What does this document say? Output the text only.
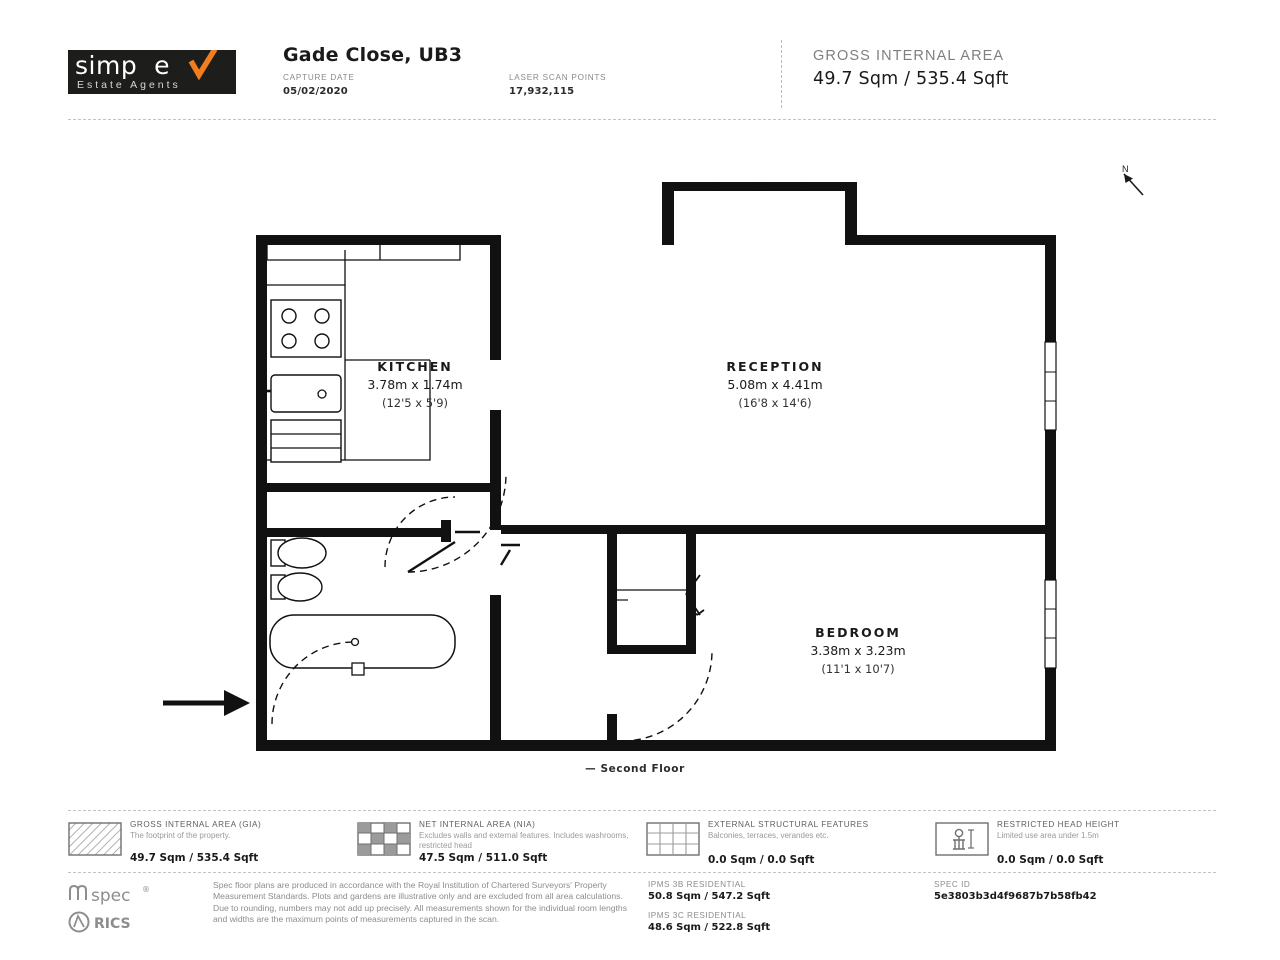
simp e
Estate Agents
Gade Close, UB3
CAPTURE DATE
05/02/2020
LASER SCAN POINTS
17,932,115
GROSS INTERNAL AREA
49.7 Sqm / 535.4 Sqft
N
KITCHEN
3.78m x 1.74m
(12'5 x 5'9)
RECEPTION
5.08m x 4.41m
(16'8 x 14'6)
BEDROOM
3.38m x 3.23m
(11'1 x 10'7)
— Second Floor
GROSS INTERNAL AREA (GIA)
The footprint of the property.
49.7 Sqm / 535.4 Sqft
NET INTERNAL AREA (NIA)
Excludes walls and external features. Includes washrooms, restricted head
47.5 Sqm / 511.0 Sqft
EXTERNAL STRUCTURAL FEATURES
Balconies, terraces, verandes etc.
0.0 Sqm / 0.0 Sqft
RESTRICTED HEAD HEIGHT
Limited use area under 1.5m
0.0 Sqm / 0.0 Sqft
spec ®
RICS
Spec floor plans are produced in accordance with the Royal Institution of Chartered Surveyors' Property Measurement Standards. Plots and gardens are illustrative only and are excluded from all area calculations. Due to rounding, numbers may not add up precisely. All measurements shown for the individual room lengths and widths are the maximum points of measurements captured in the scan.
IPMS 3B RESIDENTIAL
50.8 Sqm / 547.2 Sqft
IPMS 3C RESIDENTIAL
48.6 Sqm / 522.8 Sqft
SPEC ID
5e3803b3d4f9687b7b58fb42
